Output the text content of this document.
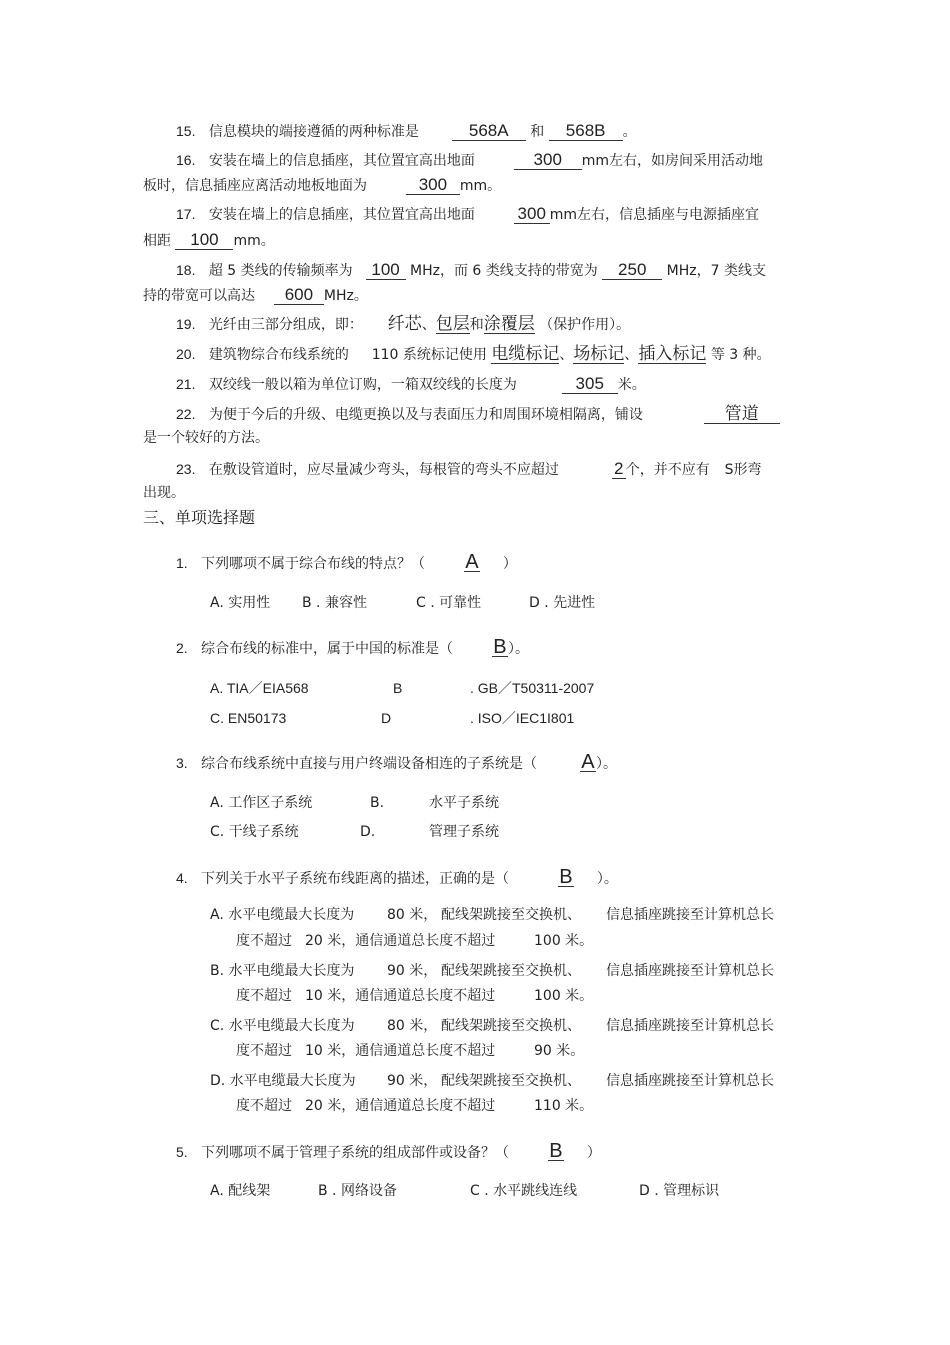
15. 信息模块的端接遵循的两种标准是	568A 和 568B 。
16. 安装在墙上的信息插座，其位置宜高出地面	300 mm左右，如房间采用活动地
板时，信息插座应离活动地板地面为	300 mm。
17. 安装在墙上的信息插座，其位置宜高出地面	300 mm左右，信息插座与电源插座宜
相距 100 mm。
18. 超 5 类线的传输频率为 100 MHz，而 6 类线支持的带宽为 250 MHz，7 类线支
持的带宽可以高达 600 MHz。
19. 光纤由三部分组成，即： 纤芯、包层和涂覆层 （保护作用）。
20. 建筑物综合布线系统的 110 系统标记使用 电缆标记、场标记、插入标记 等 3 种。
21. 双绞线一般以箱为单位订购，一箱双绞线的长度为	305 米。
22. 为便于今后的升级、电缆更换以及与表面压力和周围环境相隔离，铺设	管道
是一个较好的方法。
23. 在敷设管道时，应尽量减少弯头，每根管的弯头不应超过	2 个，并不应有 S形弯
出现。
三、单项选择题
1. 下列哪项不属于综合布线的特点？（ A ）
A. 实用性 B . 兼容性	C . 可靠性	D . 先进性
2. 综合布线的标准中，属于中国的标准是（ B）。
A. TIA／EIA568	B	. GB／T50311-2007
C. EN50173	D	. ISO／IEC1I801
3. 综合布线系统中直接与用户终端设备相连的子系统是（ A）。
A. 工作区子系统	B.	水平子系统
C. 干线子系统	D.	管理子系统
4. 下列关于水平子系统布线距离的描述，正确的是（	B ）。
A. 水平电缆最大长度为 80 米， 配线架跳接至交换机、 信息插座跳接至计算机总长
度不超过 20 米，通信通道总长度不超过	100 米。
B. 水平电缆最大长度为 90 米， 配线架跳接至交换机、 信息插座跳接至计算机总长
度不超过 10 米，通信通道总长度不超过	100 米。
C. 水平电缆最大长度为 80 米， 配线架跳接至交换机、 信息插座跳接至计算机总长
度不超过 10 米，通信通道总长度不超过	90 米。
D. 水平电缆最大长度为 90 米， 配线架跳接至交换机、 信息插座跳接至计算机总长
度不超过 20 米，通信通道总长度不超过	110 米。
5. 下列哪项不属于管理子系统的组成部件或设备？（ B ）
A. 配线架	B . 网络设备	C . 水平跳线连线	D . 管理标识
